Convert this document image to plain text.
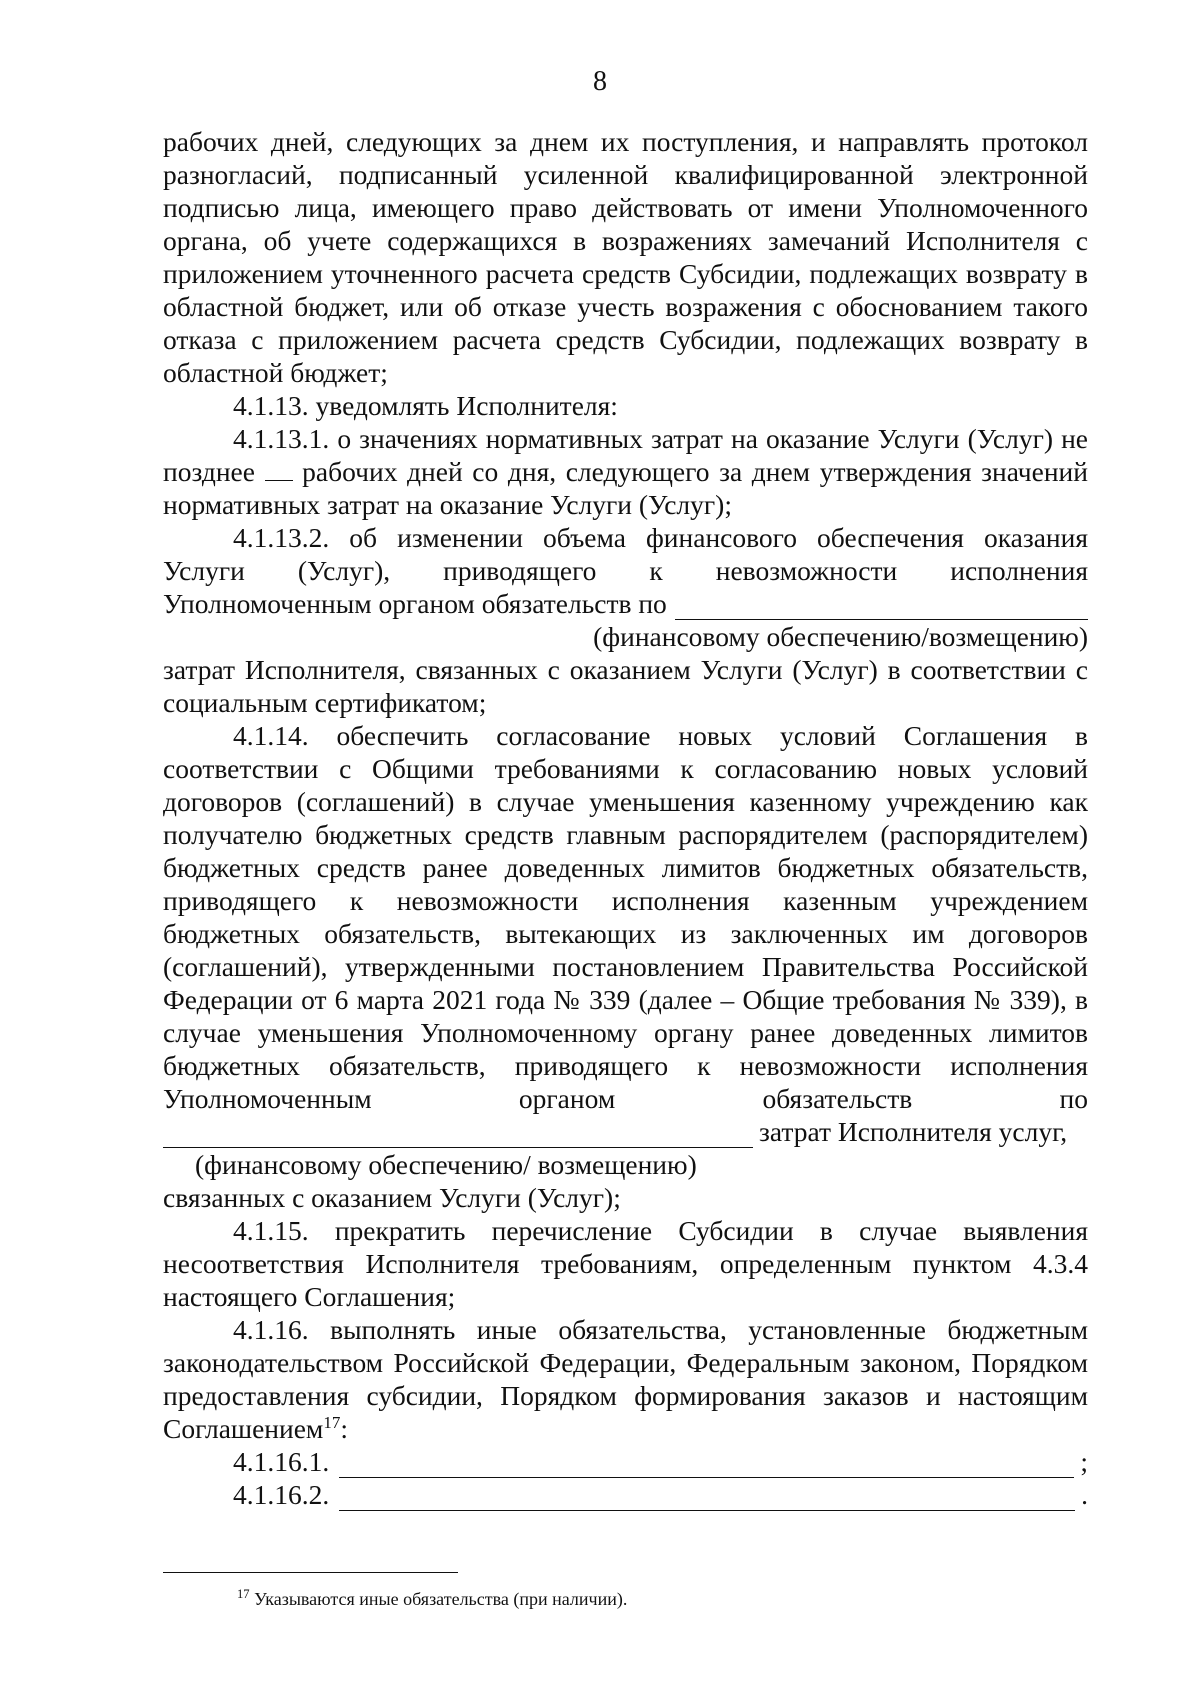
8

рабочих дней, следующих за днем их поступления, и направлять протокол разногласий, подписанный усиленной квалифицированной электронной подписью лица, имеющего право действовать от имени Уполномоченного органа, об учете содержащихся в возражениях замечаний Исполнителя с приложением уточненного расчета средств Субсидии, подлежащих возврату в областной бюджет, или об отказе учесть возражения с обоснованием такого отказа с приложением расчета средств Субсидии, подлежащих возврату в областной бюджет;

4.1.13. уведомлять Исполнителя:

4.1.13.1. о значениях нормативных затрат на оказание Услуги (Услуг) не позднее рабочих дней со дня, следующего за днем утверждения значений нормативных затрат на оказание Услуги (Услуг);

4.1.13.2. об изменении объема финансового обеспечения оказания Услуги (Услуг), приводящего к невозможности исполнения

Уполномоченным органом обязательств по

(финансовому обеспечению/возмещению)

затрат Исполнителя, связанных с оказанием Услуги (Услуг) в соответствии с социальным сертификатом;

4.1.14. обеспечить согласование новых условий Соглашения в соответствии с Общими требованиями к согласованию новых условий договоров (соглашений) в случае уменьшения казенному учреждению как получателю бюджетных средств главным распорядителем (распорядителем) бюджетных средств ранее доведенных лимитов бюджетных обязательств, приводящего к невозможности исполнения казенным учреждением бюджетных обязательств, вытекающих из заключенных им договоров (соглашений), утвержденными постановлением Правительства Российской Федерации от 6 марта 2021 года № 339 (далее – Общие требования № 339), в случае уменьшения Уполномоченному органу ранее доведенных лимитов бюджетных обязательств, приводящего к невозможности исполнения Уполномоченным органом обязательств по

затрат Исполнителя услуг,

(финансовому обеспечению/ возмещению)

связанных с оказанием Услуги (Услуг);

4.1.15. прекратить перечисление Субсидии в случае выявления несоответствия Исполнителя требованиям, определенным пунктом 4.3.4 настоящего Соглашения;

4.1.16. выполнять иные обязательства, установленные бюджетным законодательством Российской Федерации, Федеральным законом, Порядком предоставления субсидии, Порядком формирования заказов и настоящим Соглашением$^{17}$:

4.1.16.1.	;
4.1.16.2.	.
$^{17}$ Указываются иные обязательства (при наличии).
